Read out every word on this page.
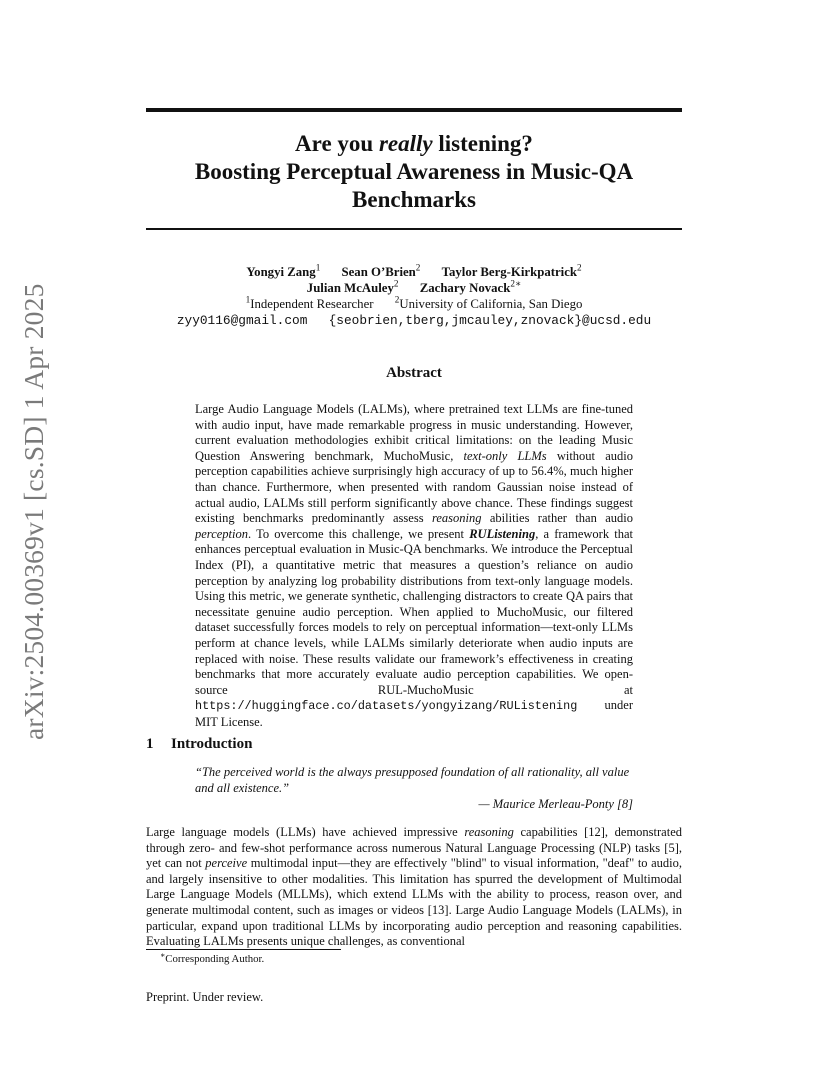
arXiv:2504.00369v1 [cs.SD] 1 Apr 2025
Are you really listening?
Boosting Perceptual Awareness in Music-QA
Benchmarks
Yongyi Zang$^1$ Sean O’Brien$^2$ Taylor Berg-Kirkpatrick$^2$
Julian McAuley$^2$ Zachary Novack$^{2∗}$
$^1$Independent Researcher $^2$University of California, San Diego
zyy0116@gmail.com {seobrien,tberg,jmcauley,znovack}@ucsd.edu
Abstract
Large Audio Language Models (LALMs), where pretrained text LLMs are fine-tuned with audio input, have made remarkable progress in music understanding. However, current evaluation methodologies exhibit critical limitations: on the leading Music Question Answering benchmark, MuchoMusic, text-only LLMs without audio perception capabilities achieve surprisingly high accuracy of up to 56.4%, much higher than chance. Furthermore, when presented with random Gaussian noise instead of actual audio, LALMs still perform significantly above chance. These findings suggest existing benchmarks predominantly assess reasoning abilities rather than audio perception. To overcome this challenge, we present RUListening, a framework that enhances perceptual evaluation in Music-QA benchmarks. We introduce the Perceptual Index (PI), a quantitative metric that measures a question’s reliance on audio perception by analyzing log probability distributions from text-only language models. Using this metric, we generate synthetic, challenging distractors to create QA pairs that necessitate genuine audio perception. When applied to MuchoMusic, our filtered dataset successfully forces models to rely on perceptual information—text-only LLMs perform at chance levels, while LALMs similarly deteriorate when audio inputs are replaced with noise. These results validate our framework’s effectiveness in creating benchmarks that more accurately evaluate audio perception capabilities. We open-source RUL-MuchoMusic at https://huggingface.co/datasets/yongyizang/RUListening under MIT License.
1 Introduction
“The perceived world is the always presupposed foundation of all rationality, all value and all existence.”
— Maurice Merleau-Ponty [8]
Large language models (LLMs) have achieved impressive reasoning capabilities [12], demonstrated through zero- and few-shot performance across numerous Natural Language Processing (NLP) tasks [5], yet can not perceive multimodal input—they are effectively "blind" to visual information, "deaf" to audio, and largely insensitive to other modalities. This limitation has spurred the development of Multimodal Large Language Models (MLLMs), which extend LLMs with the ability to process, reason over, and generate multimodal content, such as images or videos [13]. Large Audio Language Models (LALMs), in particular, expand upon traditional LLMs by incorporating audio perception and reasoning capabilities. Evaluating LALMs presents unique challenges, as conventional
∗Corresponding Author.
Preprint. Under review.
